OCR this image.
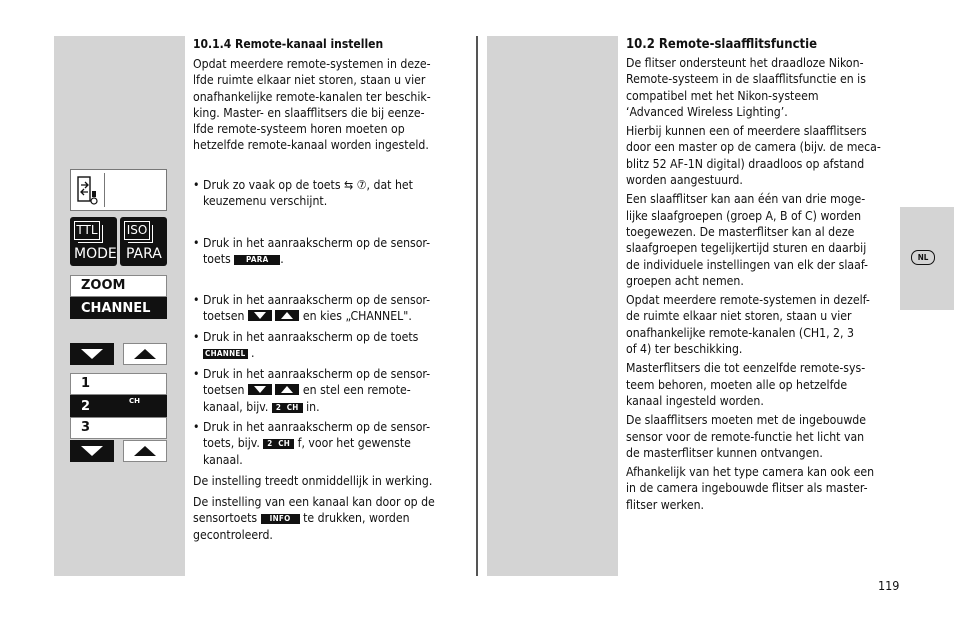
NL
TTL
MODE
ISO
PARA
ZOOM
CHANNEL
1
2	CH
3
10.1.4 Remote-kanaal instellen
Opdat meerdere remote-systemen in deze-
lfde ruimte elkaar niet storen, staan u vier
onafhankelijke remote-kanalen ter beschik-
king. Master- en slaafflitsers die bij eenze-
lfde remote-systeem horen moeten op
hetzelfde remote-kanaal worden ingesteld.
• Druk zo vaak op de toets ⇆ ⑦, dat het
keuzemenu verschijnt.
• Druk in het aanraakscherm op de sensor-
toets PARA .
• Druk in het aanraakscherm op de sensor-
toetsen
	en kies „CHANNEL".
• Druk in het aanraakscherm op de toets
CHANNEL .
• Druk in het aanraakscherm op de sensor-
toetsen
	en stel een remote-
kanaal, bijv. 2  CH in.
• Druk in het aanraakscherm op de sensor-
toets, bijv. 2  CH f, voor het gewenste
kanaal.
De instelling treedt onmiddellijk in werking.
De instelling van een kanaal kan door op de
sensortoets INFO te drukken, worden
gecontroleerd.
10.2 Remote-slaafflitsfunctie
De flitser ondersteunt het draadloze Nikon-
Remote-systeem in de slaafflitsfunctie en is
compatibel met het Nikon-systeem
‘Advanced Wireless Lighting’.
Hierbij kunnen een of meerdere slaafflitsers
door een master op de camera (bijv. de meca-
blitz 52 AF-1N digital) draadloos op afstand
worden aangestuurd.
Een slaafflitser kan aan één van drie moge-
lijke slaafgroepen (groep A, B of C) worden
toegewezen. De masterflitser kan al deze
slaafgroepen tegelijkertijd sturen en daarbij
de individuele instellingen van elk der slaaf-
groepen acht nemen.
Opdat meerdere remote-systemen in dezelf-
de ruimte elkaar niet storen, staan u vier
onafhankelijke remote-kanalen (CH1, 2, 3
of 4) ter beschikking.
Masterflitsers die tot eenzelfde remote-sys-
teem behoren, moeten alle op hetzelfde
kanaal ingesteld worden.
De slaafflitsers moeten met de ingebouwde
sensor voor de remote-functie het licht van
de masterflitser kunnen ontvangen.
Afhankelijk van het type camera kan ook een
in de camera ingebouwde flitser als master-
flitser werken.
119
